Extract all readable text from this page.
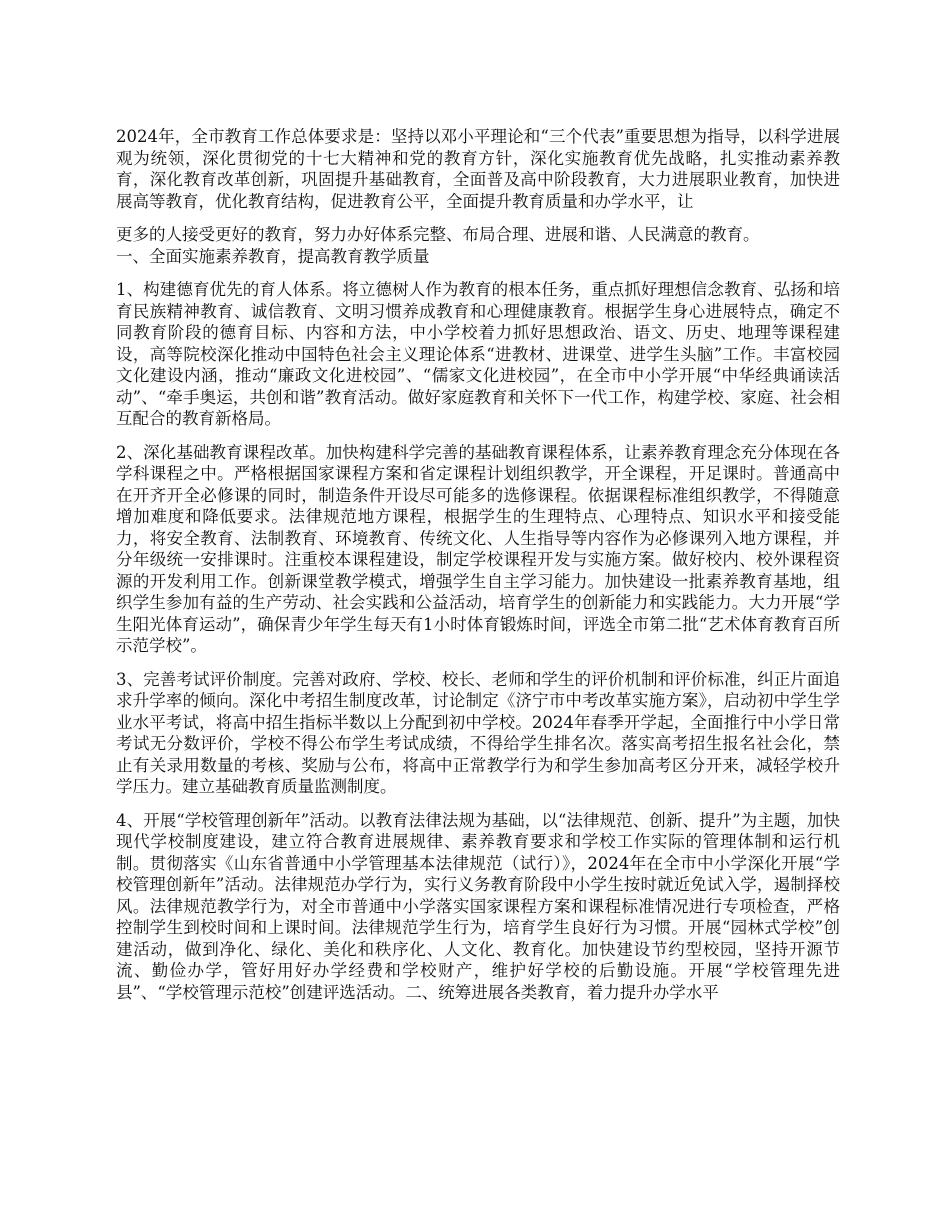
2024年，全市教育工作总体要求是：坚持以邓小平理论和“三个代表”重要思想为指导，以科学进展观为统领，深化贯彻党的十七大精神和党的教育方针，深化实施教育优先战略，扎实推动素养教育，深化教育改革创新，巩固提升基础教育，全面普及高中阶段教育，大力进展职业教育，加快进展高等教育，优化教育结构，促进教育公平，全面提升教育质量和办学水平，让

更多的人接受更好的教育，努力办好体系完整、布局合理、进展和谐、人民满意的教育。

一、全面实施素养教育，提高教育教学质量

1、构建德育优先的育人体系。将立德树人作为教育的根本任务，重点抓好理想信念教育、弘扬和培育民族精神教育、诚信教育、文明习惯养成教育和心理健康教育。根据学生身心进展特点，确定不同教育阶段的德育目标、内容和方法，中小学校着力抓好思想政治、语文、历史、地理等课程建设，高等院校深化推动中国特色社会主义理论体系“进教材、进课堂、进学生头脑”工作。丰富校园文化建设内涵，推动“廉政文化进校园”、“儒家文化进校园”，在全市中小学开展“中华经典诵读活动”、“牵手奥运，共创和谐”教育活动。做好家庭教育和关怀下一代工作，构建学校、家庭、社会相互配合的教育新格局。

2、深化基础教育课程改革。加快构建科学完善的基础教育课程体系，让素养教育理念充分体现在各学科课程之中。严格根据国家课程方案和省定课程计划组织教学，开全课程，开足课时。普通高中在开齐开全必修课的同时，制造条件开设尽可能多的选修课程。依据课程标准组织教学，不得随意增加难度和降低要求。法律规范地方课程，根据学生的生理特点、心理特点、知识水平和接受能力，将安全教育、法制教育、环境教育、传统文化、人生指导等内容作为必修课列入地方课程，并分年级统一安排课时。注重校本课程建设，制定学校课程开发与实施方案。做好校内、校外课程资源的开发利用工作。创新课堂教学模式，增强学生自主学习能力。加快建设一批素养教育基地，组织学生参加有益的生产劳动、社会实践和公益活动，培育学生的创新能力和实践能力。大力开展“学生阳光体育运动”，确保青少年学生每天有1小时体育锻炼时间，评选全市第二批“艺术体育教育百所示范学校”。

3、完善考试评价制度。完善对政府、学校、校长、老师和学生的评价机制和评价标准，纠正片面追求升学率的倾向。深化中考招生制度改革，讨论制定《济宁市中考改革实施方案》，启动初中学生学业水平考试，将高中招生指标半数以上分配到初中学校。2024年春季开学起，全面推行中小学日常考试无分数评价，学校不得公布学生考试成绩，不得给学生排名次。落实高考招生报名社会化，禁止有关录用数量的考核、奖励与公布，将高中正常教学行为和学生参加高考区分开来，减轻学校升学压力。建立基础教育质量监测制度。

4、开展“学校管理创新年”活动。以教育法律法规为基础，以“法律规范、创新、提升”为主题，加快现代学校制度建设，建立符合教育进展规律、素养教育要求和学校工作实际的管理体制和运行机制。贯彻落实《山东省普通中小学管理基本法律规范（试行）》，2024年在全市中小学深化开展“学校管理创新年”活动。法律规范办学行为，实行义务教育阶段中小学生按时就近免试入学，遏制择校风。法律规范教学行为，对全市普通中小学落实国家课程方案和课程标准情况进行专项检查，严格控制学生到校时间和上课时间。法律规范学生行为，培育学生良好行为习惯。开展“园林式学校”创建活动，做到净化、绿化、美化和秩序化、人文化、教育化。加快建设节约型校园，坚持开源节流、勤俭办学，管好用好办学经费和学校财产，维护好学校的后勤设施。开展“学校管理先进县”、“学校管理示范校”创建评选活动。二、统筹进展各类教育，着力提升办学水平
